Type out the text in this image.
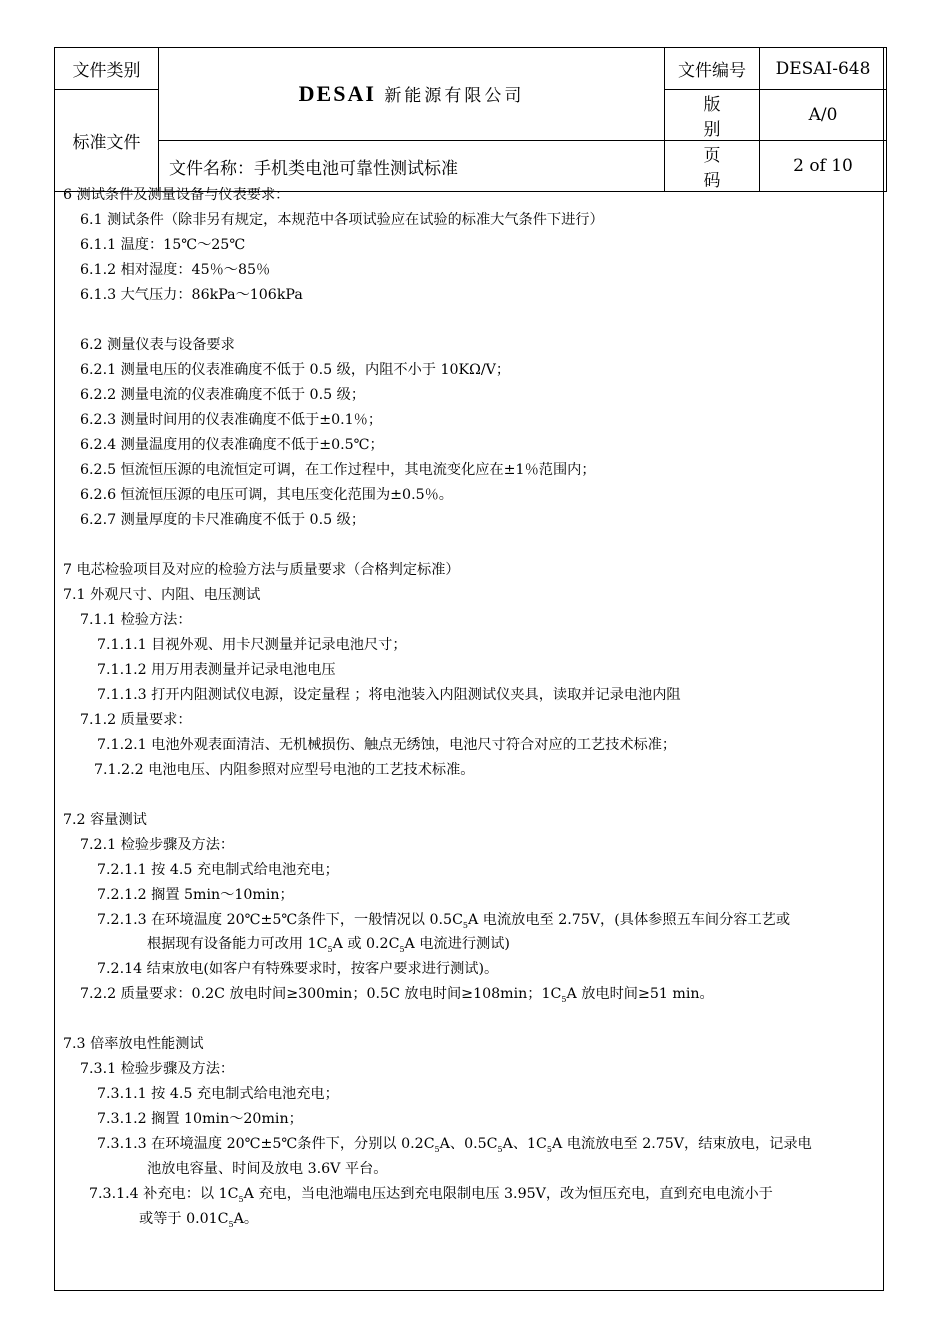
文件类别	DESAI 新能源有限公司	文件编号	DESAI-648
标准文件		版 别	A/0
	文件名称：手机类电池可靠性测试标准	页 码	2 of 10
6 测试条件及测量设备与仪表要求：
6.1 测试条件（除非另有规定，本规范中各项试验应在试验的标准大气条件下进行）
6.1.1 温度：15℃～25℃
6.1.2 相对湿度：45％～85％
6.1.3 大气压力：86kPa～106kPa
6.2 测量仪表与设备要求
6.2.1 测量电压的仪表准确度不低于 0.5 级，内阻不小于 10KΩ/V；
6.2.2 测量电流的仪表准确度不低于 0.5 级；
6.2.3 测量时间用的仪表准确度不低于±0.1％；
6.2.4 测量温度用的仪表准确度不低于±0.5℃；
6.2.5 恒流恒压源的电流恒定可调，在工作过程中，其电流变化应在±1％范围内；
6.2.6 恒流恒压源的电压可调，其电压变化范围为±0.5％。
6.2.7 测量厚度的卡尺准确度不低于 0.5 级；
7 电芯检验项目及对应的检验方法与质量要求（合格判定标准）
7.1 外观尺寸、内阻、电压测试
7.1.1 检验方法：
7.1.1.1 目视外观、用卡尺测量并记录电池尺寸；
7.1.1.2 用万用表测量并记录电池电压
7.1.1.3 打开内阻测试仪电源，设定量程 ；将电池装入内阻测试仪夹具，读取并记录电池内阻
7.1.2 质量要求：
7.1.2.1 电池外观表面清洁、无机械损伤、触点无绣蚀，电池尺寸符合对应的工艺技术标准；
7.1.2.2 电池电压、内阻参照对应型号电池的工艺技术标准。
7.2 容量测试
7.2.1 检验步骤及方法：
7.2.1.1 按 4.5 充电制式给电池充电；
7.2.1.2 搁置 5min～10min；
7.2.1.3 在环境温度 20℃±5℃条件下，一般情况以 $0.5C_5A$ 电流放电至 2.75V，(具体参照五车间分容工艺或
根据现有设备能力可改用 $1C_5A$ 或 $0.2C_5A$ 电流进行测试)
7.2.14 结束放电(如客户有特殊要求时，按客户要求进行测试)。
7.2.2 质量要求：0.2C 放电时间≥300min；0.5C 放电时间≥108min；$1C_5A$ 放电时间≥51 min。
7.3 倍率放电性能测试
7.3.1 检验步骤及方法：
7.3.1.1 按 4.5 充电制式给电池充电；
7.3.1.2 搁置 10min～20min；
7.3.1.3 在环境温度 20℃±5℃条件下，分别以 $0.2C_5A$、$0.5C_5A$、$1C_5A$ 电流放电至 2.75V，结束放电，记录电
池放电容量、时间及放电 3.6V 平台。
7.3.1.4 补充电：以 $1C_5A$ 充电，当电池端电压达到充电限制电压 3.95V，改为恒压充电，直到充电电流小于
或等于 $0.01C_5A$。
